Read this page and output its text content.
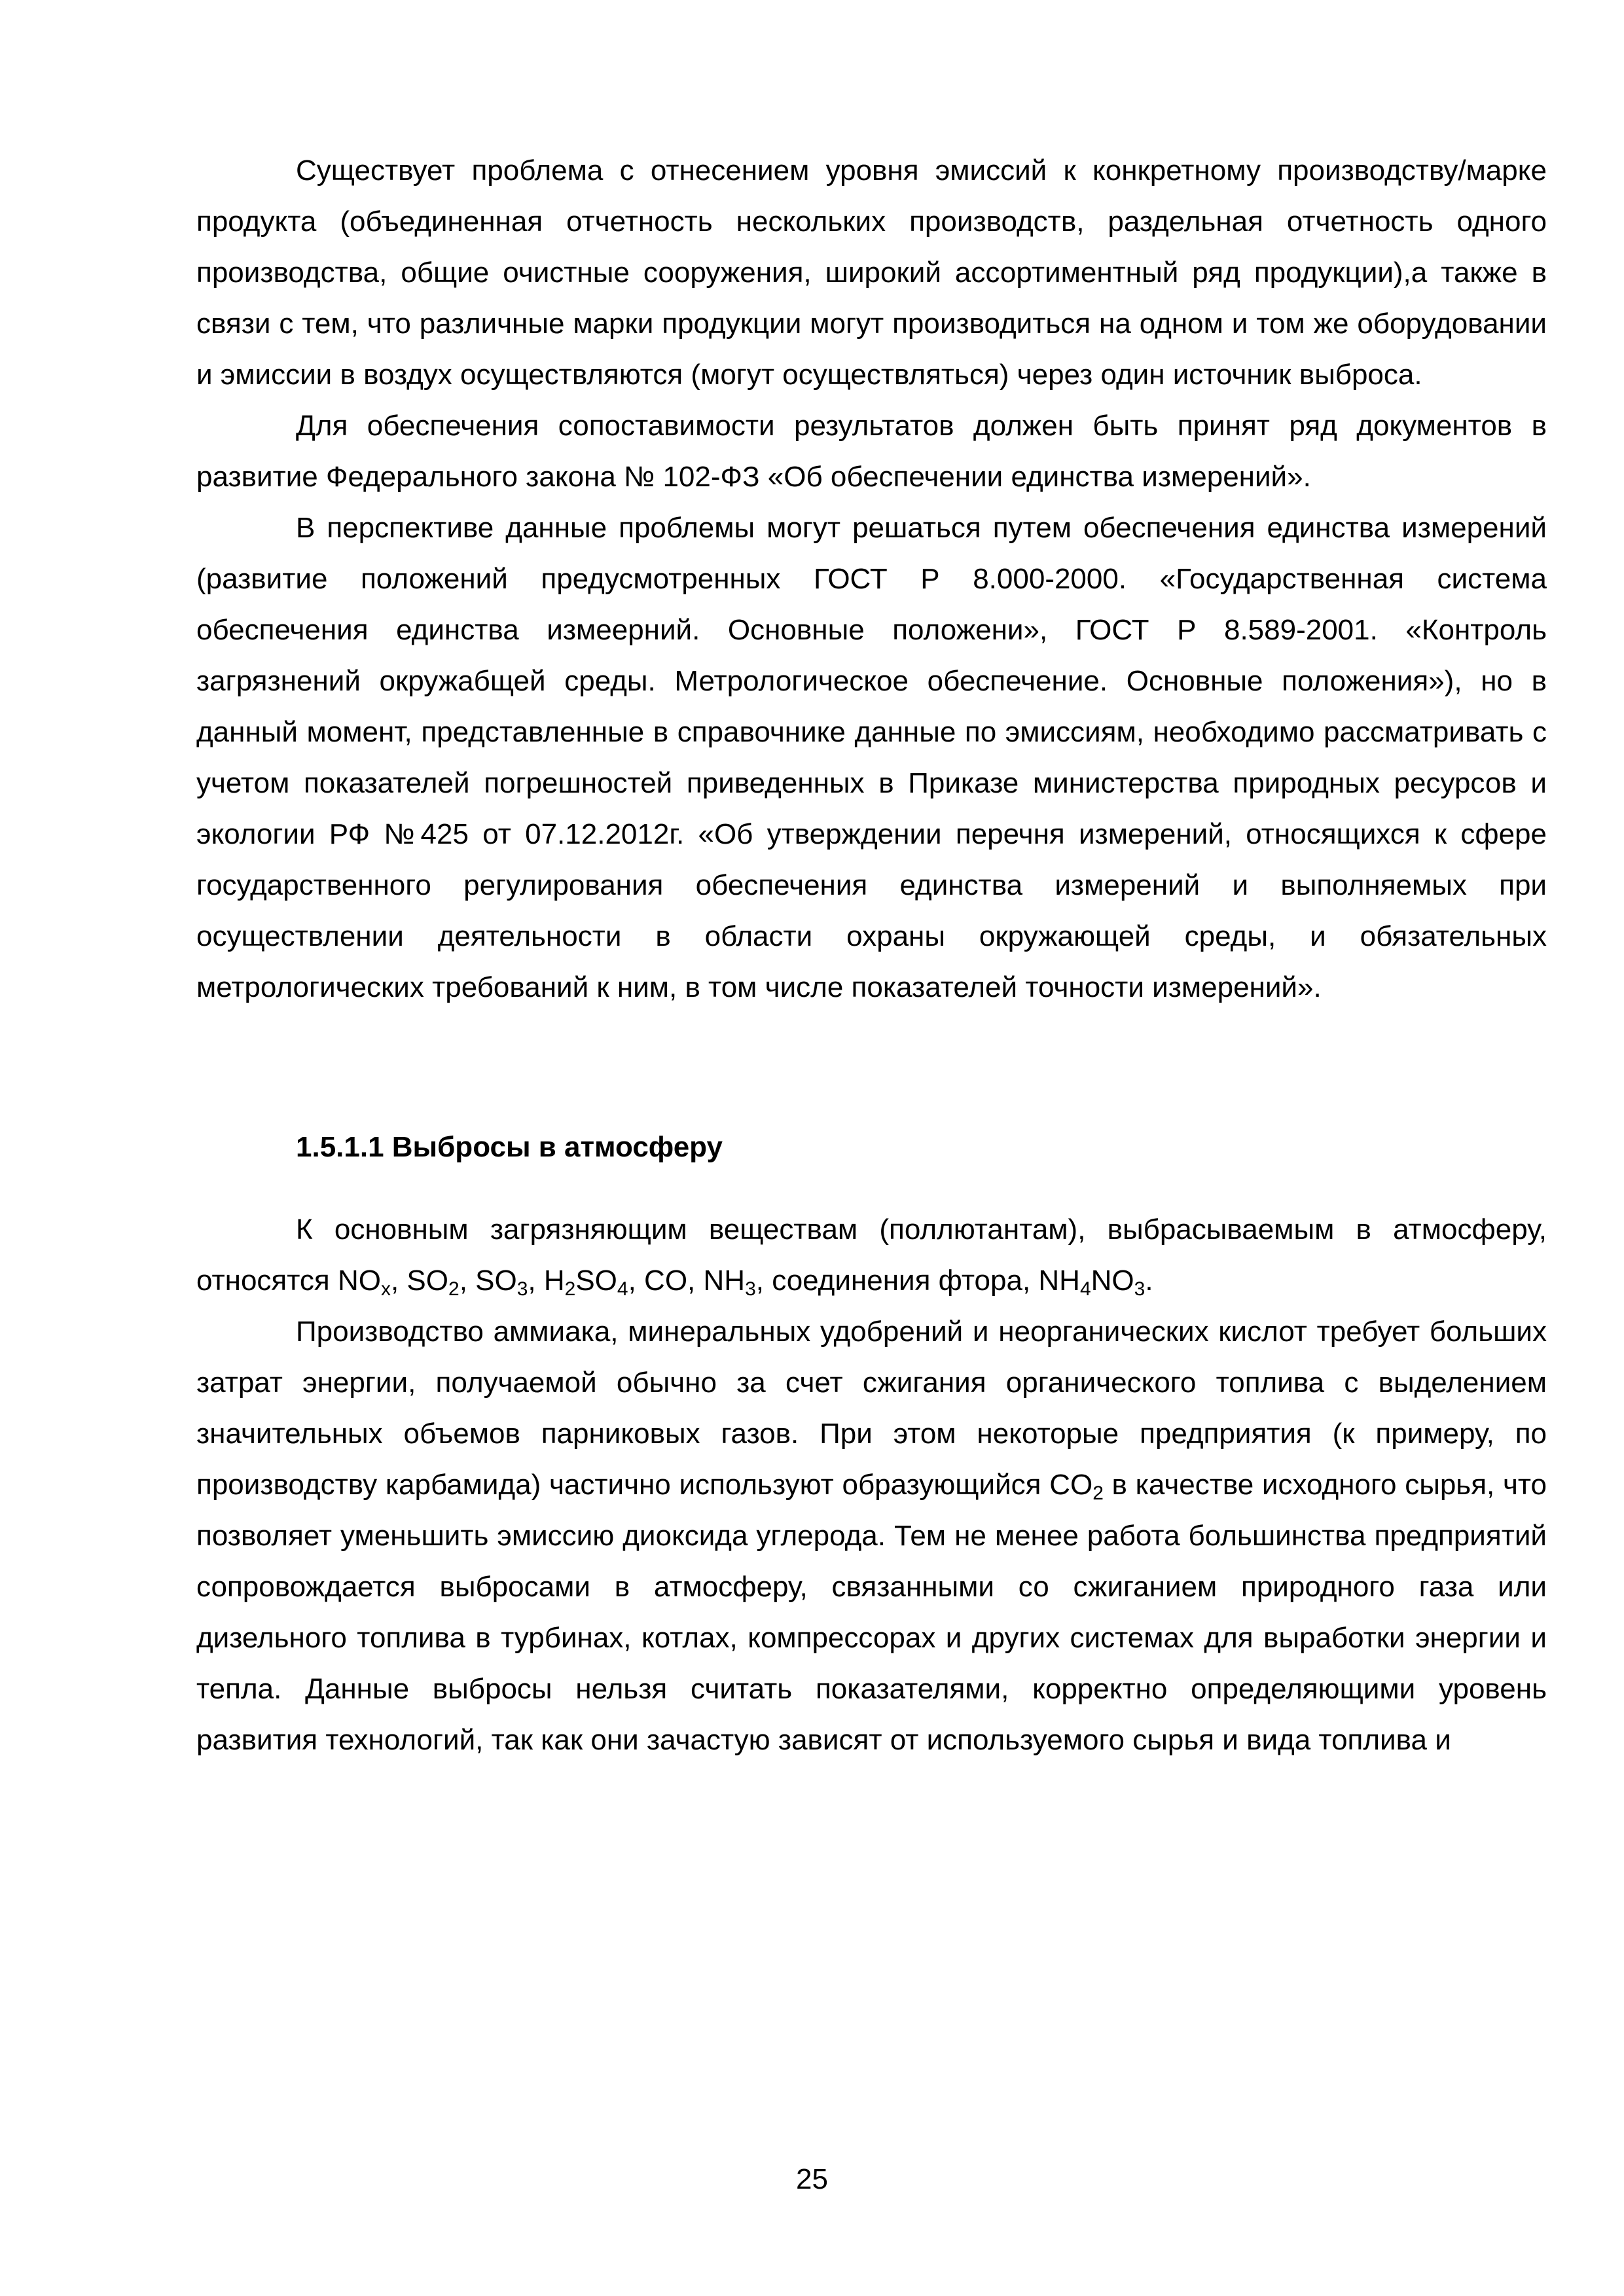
Существует проблема с отнесением уровня эмиссий к конкретному производству/марке продукта (объединенная отчетность нескольких производств, раздельная отчетность одного производства, общие очистные сооружения, широкий ассортиментный ряд продукции),а также в связи с тем, что различные марки продукции могут производиться на одном и том же оборудовании и эмиссии в воздух осуществляются (могут осуществляться) через один источник выброса.

Для обеспечения сопоставимости результатов должен быть принят ряд документов в развитие Федерального закона № 102-ФЗ «Об обеспечении единства измерений».

В перспективе данные проблемы могут решаться путем обеспечения единства измерений (развитие положений предусмотренных ГОСТ Р 8.000-2000. «Государственная система обеспечения единства измеерний. Основные положени», ГОСТ Р 8.589-2001. «Контроль загрязнений окружабщей среды. Метрологическое обеспечение. Основные положения»), но в данный момент, представленные в справочнике данные по эмиссиям, необходимо рассматривать с учетом показателей погрешностей приведенных в Приказе министерства природных ресурсов и экологии РФ №425 от 07.12.2012г. «Об утверждении перечня измерений, относящихся к сфере государственного регулирования обеспечения единства измерений и выполняемых при осуществлении деятельности в области охраны окружающей среды, и обязательных метрологических требований к ним, в том числе показателей точности измерений».

1.5.1.1 Выбросы в атмосферу

К основным загрязняющим веществам (поллютантам), выбрасываемым в атмосферу, относятся $NO_x$, $SO_2$, $SO_3$, $H_2SO_4$, CO, $NH_3$, соединения фтора, $NH_4NO_3$.

Производство аммиака, минеральных удобрений и неорганических кислот требует больших затрат энергии, получаемой обычно за счет сжигания органического топлива с выделением значительных объемов парниковых газов. При этом некоторые предприятия (к примеру, по производству карбамида) частично используют образующийся $CO_2$ в качестве исходного сырья, что позволяет уменьшить эмиссию диоксида углерода. Тем не менее работа большинства предприятий сопровождается выбросами в атмосферу, связанными со сжиганием природного газа или дизельного топлива в турбинах, котлах, компрессорах и других системах для выработки энергии и тепла. Данные выбросы нельзя считать показателями, корректно определяющими уровень развития технологий, так как они зачастую зависят от используемого сырья и вида топлива и

25
